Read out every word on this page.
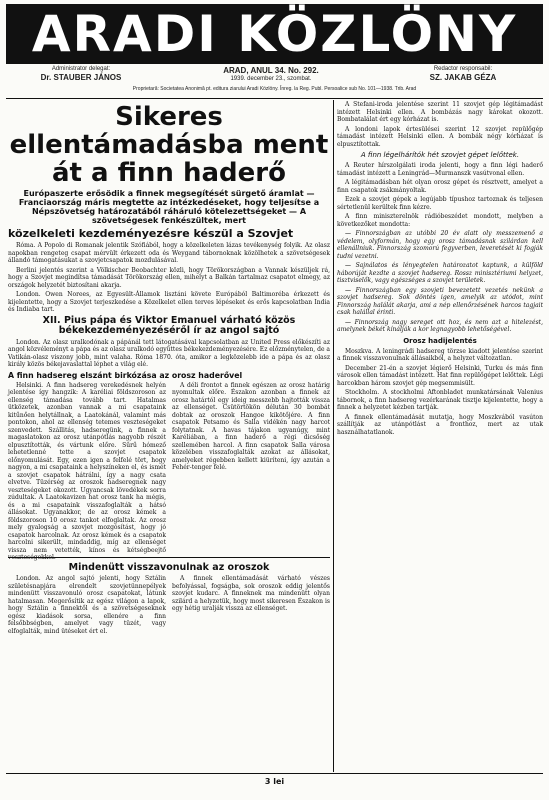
ARADI KÖZLÖNY
Administrator delegat:
Dr. STAUBER JÁNOS
ARAD, ANUL 34. No. 292.
1939. december 23., szombat.
Redactor responsabil:
SZ. JAKAB GÉZA
Proprietară: Societatea Anonimă pt. editura ziarului Aradi Közlöny. Înreg. la Reg. Publ. Persoalice sub No. 101—1938. Trib. Arad
Sikeres ellentámadásba ment át a finn haderő
Európaszerte erősödik a finnek megsegítését sürgető áramlat — Franciaország máris megtette az intézkedéseket, hogy teljesítse a Népszövetség határozatából ráháruló kötelezettségeket — A szövetségesek fenkészültek, mert
közelkeleti kezdeményezésre készül a Szovjet

Róma. A Popolo di Romanak jelentik Szófiából, hogy a közelkeleten lázas tevékenység folyik. Az olasz napokban rengeteg csapat mérvült érkezett oda és Weygand tábornoknak közölhetek a szövetségesek állandó támogatásukat a szovjetcsapatok mozdulásával.

Berlini jelentés szerint a Völkischer Beobachter közli, hogy Törökországban a Vannak készüljek rá, hogy a Szovjet megindítsa támadását Törökország ellen, mihelyt a Balkán tartalmaz csapatot elmegy, az országok helyzetét biztosítani akarja.

London. Owen Norees, az Egyesült-Államok lisztáni követe Európából Baltimoréba érkezett és kijelentette, hogy a Szovjet terjeszkedése a Közelkelet ellen terves lépéseket és erős kapcsolatban India és Indiaba tart.

XII. Pius pápa és Viktor Emanuel várható közös békekezdeményezéséről ír az angol sajtó

London. Az olasz uralkodónak a pápánál tett látogatásával kapcsolatban az United Press előkészíti az angol közvéleményt a pápa és az olasz uralkodó együttes békekezdeményezésére. Ez előzménytelen, de a Vatikán-olasz viszony jobb, mint valaha. Róma 1870. óta, amikor a legközelebb ide a pápa és az olasz király közös békejavaslattal léphet a világ elé.

A finn hadsereg elszánt birkózása az orosz haderővel

Helsinki. A finn hadsereg verekedésnek helyén jelentése így hangzik: A karéliai földszoroson az ellenség támadása tovább tart. Hatalmas ütközetek, azonban vannak a mi csapataink kitűnően helytállnak, a Laatokánál, valamint más pontokon, ahol az ellenség tetemes veszteségeket szenvedett. Szállitás, hadseregünk, a finnek a magaslatokon az orosz utánpótlás nagyobb részét elpusztították, és vártunk előre. Sűrű hómező lehetetlenné tette a szovjet csapatok előnyomulását. Egy, ezen igen a felfelé tört, hogy nagyon, a mi csapataink a helyszíneken el, és ismét a szovjet csapatok hátrálni, így a nagy csata elvetve. Tüzérség az oroszok hadseregnek nagy veszteségeket okozott. Ugyancsak lövedékek sorra zúdultak. A Laatokavizen hat orosz tank ha mégis, és a mi csapataink visszafoglalták a hátsó állásokat. Ugyanakkor, de az orosz kémek a földszoroson 10 orosz tankot elfoglaltak. Az orosz mely gyalogság a szovjet mozgósítást, hogy jó csapatok harcolnak. Az orosz kémek és a csapatok harcolni sikerült, mindaddig, míg az ellenséget vissza nem vetették, kínos és kétségbeejtő

A déli frontot a finnek egészen az orosz határig nyomultak előre. Északon azonban a finnek az orosz határtól egy ideig messzebb hajtották vissza az ellenséget. Csütörtökön délután 30 bombát dobtak az oroszok Hangoe kikötőjére. A finn csapatok Petsamo és Salla vidékén nagy harcot folytatnak. A havas tájakon ugyanúgy, mint Karéliában, a finn haderő a régi dicsőség szellemében harcol. A finn csapatok Salla városa közelében visszafoglalták azokat az állásokat, amelyeket régebben kellett kiüríteni, így azután a Fehér-tenger felé.

Mindenütt visszavonulnak az oroszok

London. Az angol sajtó jelenti, hogy Sztálin születésnapjára elrendelt szovjetünnepélyek mindenütt visszavonuló orosz csapatokat, látunk hatalmasan. Megerősítik az egész világon a lapok, hogy Sztálin a finnektől és a szövetségeseknek egész kiadások sorsa, ellenére a finn felsőbbségben, amelyet vagy tüzét, vagy elfoglalták, mind ütéseket ért el.

A finnek ellentámadását várható vészes befolyással, fogságba, sok oroszok eddig jelentős szovjet kudarc. A finneknek ma mindenütt olyan szilárd a helyzetük, hogy most sikeresen Északon is egy hétig uralják vissza az ellenséget.

A Stefani-iroda jelentése szerint 11 szovjet gép légitámadást intézett Helsinki ellen. A bombázás nagy károkat okozott. Bombatalálat ért egy kórházat is.

A londoni lapok értesülései szerint 12 szovjet repülőgép támadást intézett Helsinki ellen. A bombák négy kórházat is elpusztítottak.

A finn légelhárítók hét szovjet gépet lelőttek.

A Reuter hírszolgálati iroda jelenti, hogy a finn légi haderő támadást intézett a Leningrád—Murmanszk vasútvonal ellen.

A légitámadásban hét olyan orosz gépet és résztvett, amelyet a finn csapatok zsákmányoltak.

Ezek a szovjet gépek a legújabb típushoz tartoznak és teljesen sértetlenül kerültek finn kézre.

A finn miniszterelnök rádióbeszédet mondott, melyben a következőket mondotta:

— Finnországban az utóbbi 20 év alatt oly messzemenő a védelem, olyformán, hogy egy orosz támadásnak szilárdan kell ellenállniuk. Finnország szomorú fegyverben, leveretését ki fogják tudni vezetni.

— Sajnálatos és lényegtelen határozatot kaptunk, a külföld háborúját kezdte a szovjet hadsereg. Rossz minisztériumi helyzet, tisztviselők, vagy egészséges a szovjet területek.

— Finnországban egy szovjeti bevezetett vezetés nekünk a szovjet hadsereg. Sok döntés igen, amelyik az utódot, mint Finnország halálát akarja, ami a nép ellenőrzésének harcos tagjait csak halállal érinti.

— Finnország nagy sereget ott hoz, és nem azt a hitelezést, amelynek békét kínálják a kor legnagyobb lehetőségével.

Orosz hadijelentés

Moszkva. A leningrádi hadsereg törzse kiadott jelentése szerint a finnek visszavonulnak állásaikból, a helyzet változatlan.

December 21-én a szovjet légierő Helsinki, Turku és más finn városok ellen támadást intézett. Hat finn repülőgépet lelőttek. Légi harcokban három szovjet gép megsemmisült.

Stockholm. A stockholmi Aftonbladet munkatársának Valenius tábornok, a finn hadsereg vezérkarának tisztje kijelentette, hogy a finnek a helyzetet kézben tartják.

A finnek ellentámadását mutatja, hogy Moszkvából vasúton szállítják az utánpótlást a fronthoz, mert az utak használhatatlanok.

3 lei
